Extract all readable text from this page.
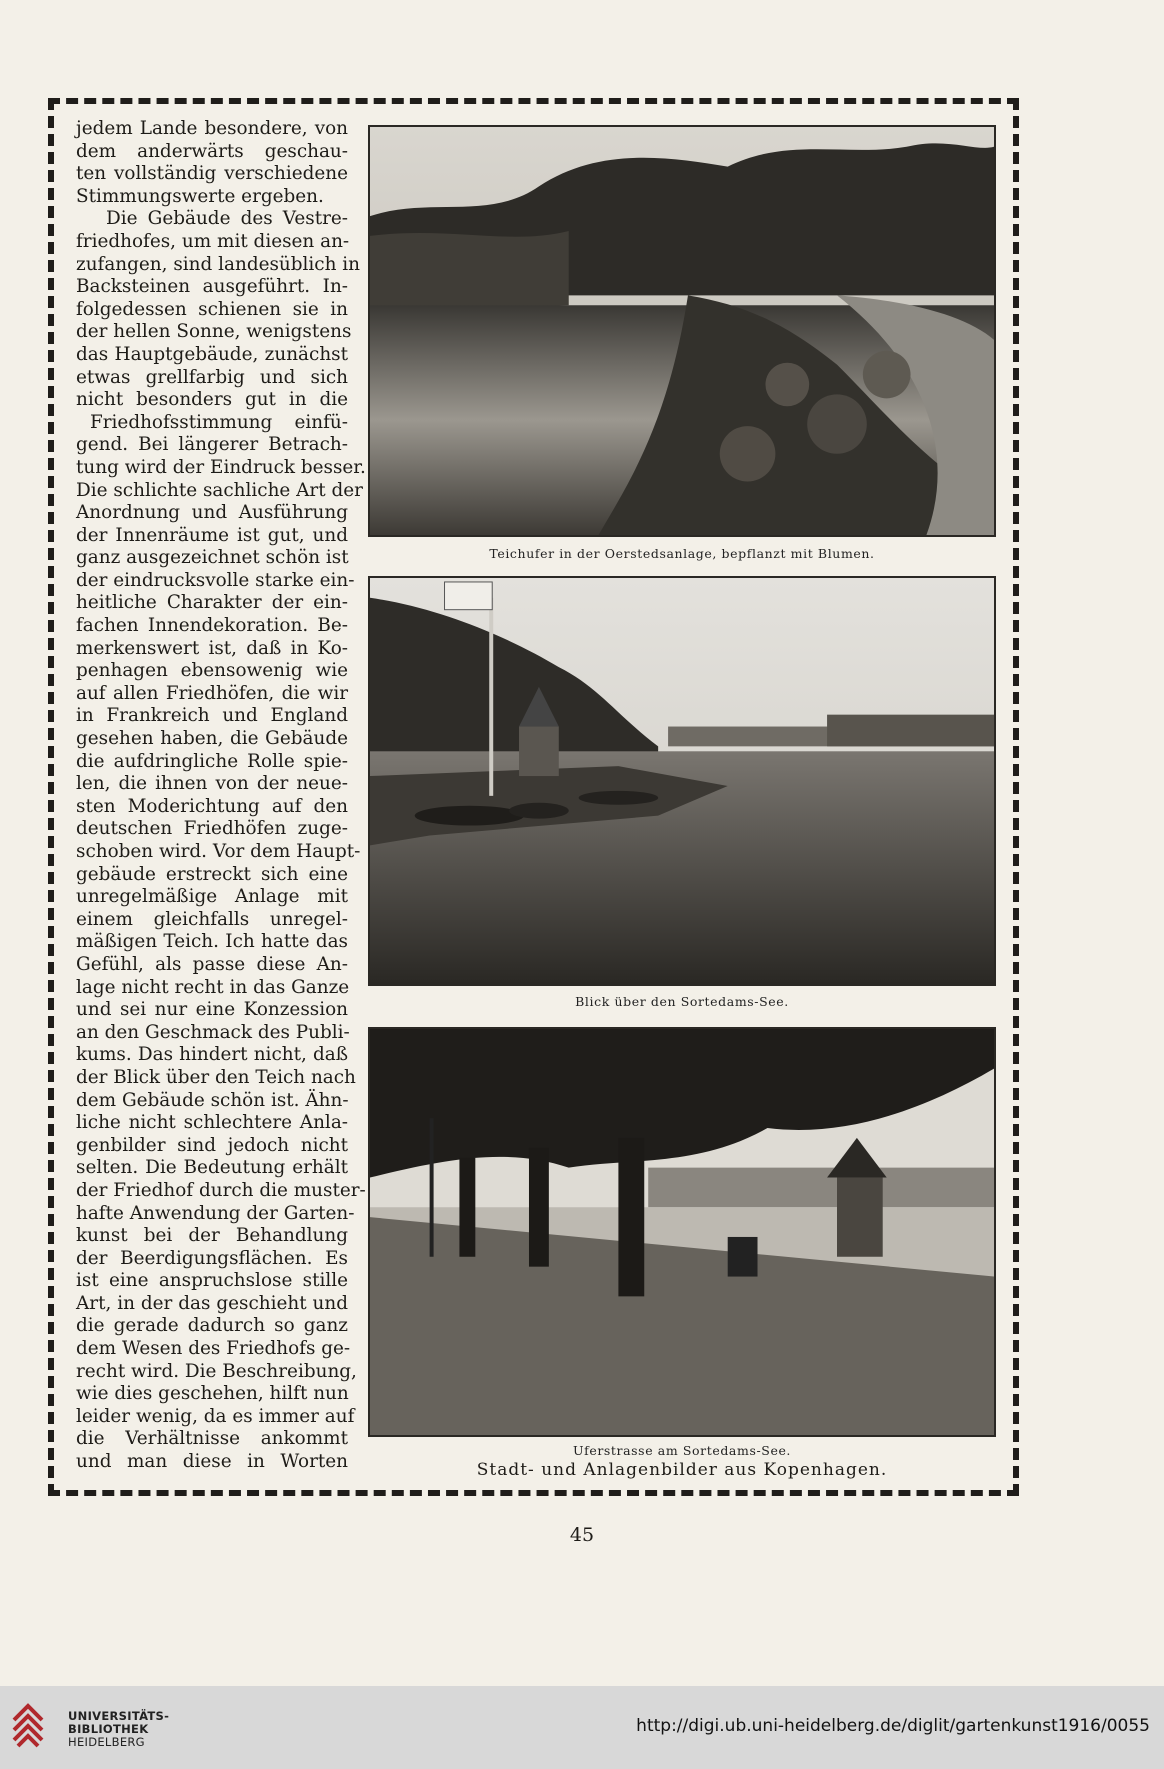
jedem Lande besondere, von
dem anderwärts geschau-
ten vollständig verschiedene
Stimmungswerte ergeben.
Die Gebäude des Vestre-
friedhofes, um mit diesen an-
zufangen, sind landesüblich in
Backsteinen ausgeführt. In-
folgedessen schienen sie in
der hellen Sonne, wenigstens
das Hauptgebäude, zunächst
etwas grellfarbig und sich
nicht besonders gut in die
Friedhofsstimmung einfü-
gend. Bei längerer Betrach-
tung wird der Eindruck besser.
Die schlichte sachliche Art der
Anordnung und Ausführung
der Innenräume ist gut, und
ganz ausgezeichnet schön ist
der eindrucksvolle starke ein-
heitliche Charakter der ein-
fachen Innendekoration. Be-
merkenswert ist, daß in Ko-
penhagen ebensowenig wie
auf allen Friedhöfen, die wir
in Frankreich und England
gesehen haben, die Gebäude
die aufdringliche Rolle spie-
len, die ihnen von der neue-
sten Moderichtung auf den
deutschen Friedhöfen zuge-
schoben wird. Vor dem Haupt-
gebäude erstreckt sich eine
unregelmäßige Anlage mit
einem gleichfalls unregel-
mäßigen Teich. Ich hatte das
Gefühl, als passe diese An-
lage nicht recht in das Ganze
und sei nur eine Konzession
an den Geschmack des Publi-
kums. Das hindert nicht, daß
der Blick über den Teich nach
dem Gebäude schön ist. Ähn-
liche nicht schlechtere Anla-
genbilder sind jedoch nicht
selten. Die Bedeutung erhält
der Friedhof durch die muster-
hafte Anwendung der Garten-
kunst bei der Behandlung
der Beerdigungsflächen. Es
ist eine anspruchslose stille
Art, in der das geschieht und
die gerade dadurch so ganz
dem Wesen des Friedhofs ge-
recht wird. Die Beschreibung,
wie dies geschehen, hilft nun
leider wenig, da es immer auf
die Verhältnisse ankommt
und man diese in Worten
Teichufer in der Oerstedsanlage, bepflanzt mit Blumen.
Blick über den Sortedams-See.
Uferstrasse am Sortedams-See.
Stadt- und Anlagenbilder aus Kopenhagen.
45
UNIVERSITÄTS-
BIBLIOTHEK
HEIDELBERG
http://digi.ub.uni-heidelberg.de/diglit/gartenkunst1916/0055
